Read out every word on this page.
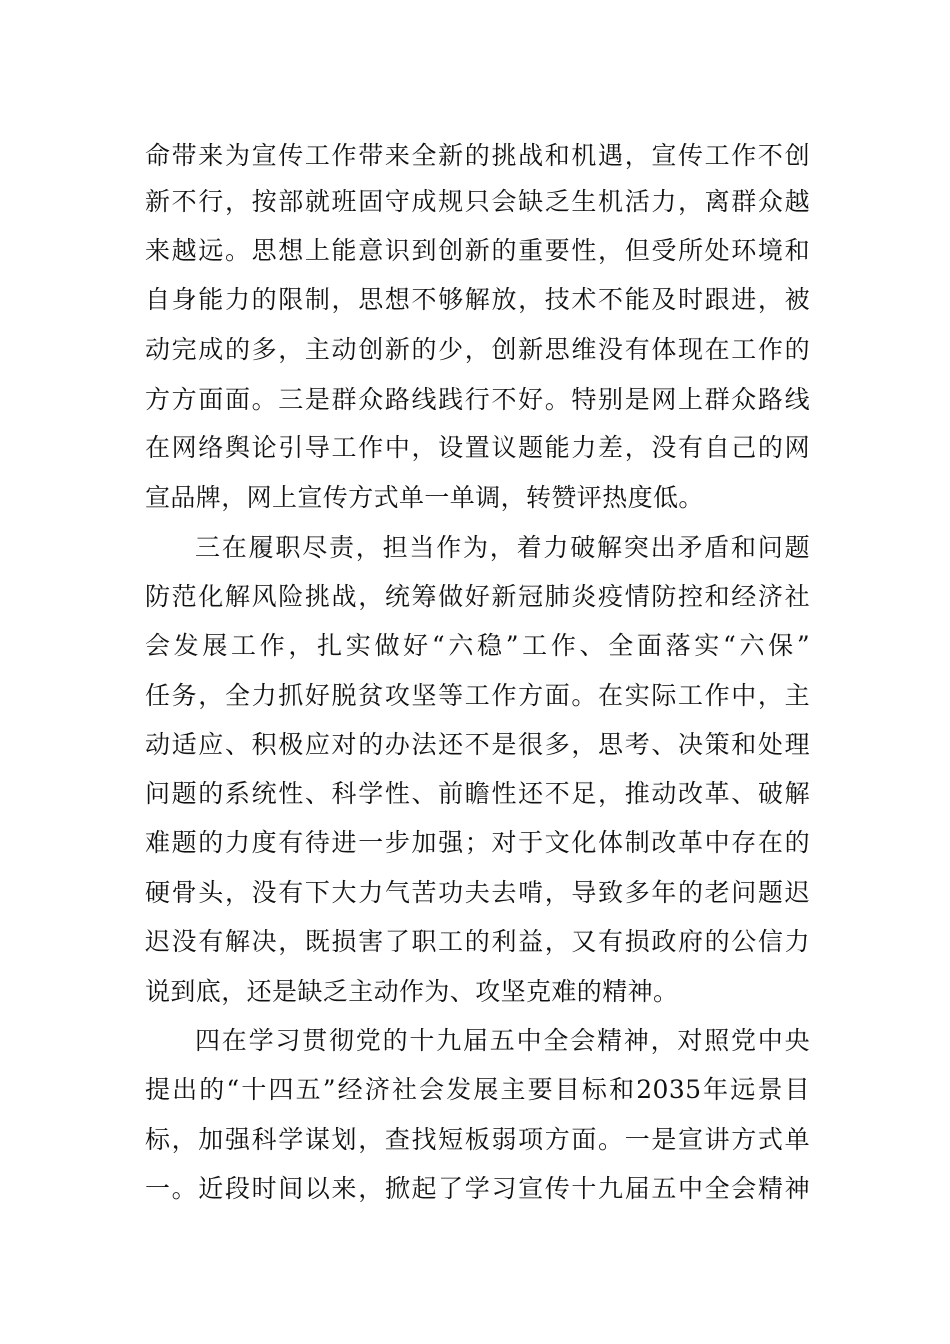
命带来为宣传工作带来全新的挑战和机遇，宣传工作不创
新不行，按部就班固守成规只会缺乏生机活力，离群众越
来越远。思想上能意识到创新的重要性，但受所处环境和
自身能力的限制，思想不够解放，技术不能及时跟进，被
动完成的多，主动创新的少，创新思维没有体现在工作的
方方面面。三是群众路线践行不好。特别是网上群众路线
在网络舆论引导工作中，设置议题能力差，没有自己的网
宣品牌，网上宣传方式单一单调，转赞评热度低。
三在履职尽责，担当作为，着力破解突出矛盾和问题
防范化解风险挑战，统筹做好新冠肺炎疫情防控和经济社
会发展工作，扎实做好“六稳”工作、全面落实“六保”
任务，全力抓好脱贫攻坚等工作方面。在实际工作中，主
动适应、积极应对的办法还不是很多，思考、决策和处理
问题的系统性、科学性、前瞻性还不足，推动改革、破解
难题的力度有待进一步加强；对于文化体制改革中存在的
硬骨头，没有下大力气苦功夫去啃，导致多年的老问题迟
迟没有解决，既损害了职工的利益，又有损政府的公信力
说到底，还是缺乏主动作为、攻坚克难的精神。
四在学习贯彻党的十九届五中全会精神，对照党中央
提出的“十四五”经济社会发展主要目标和2035年远景目
标，加强科学谋划，查找短板弱项方面。一是宣讲方式单
一。近段时间以来，掀起了学习宣传十九届五中全会精神
